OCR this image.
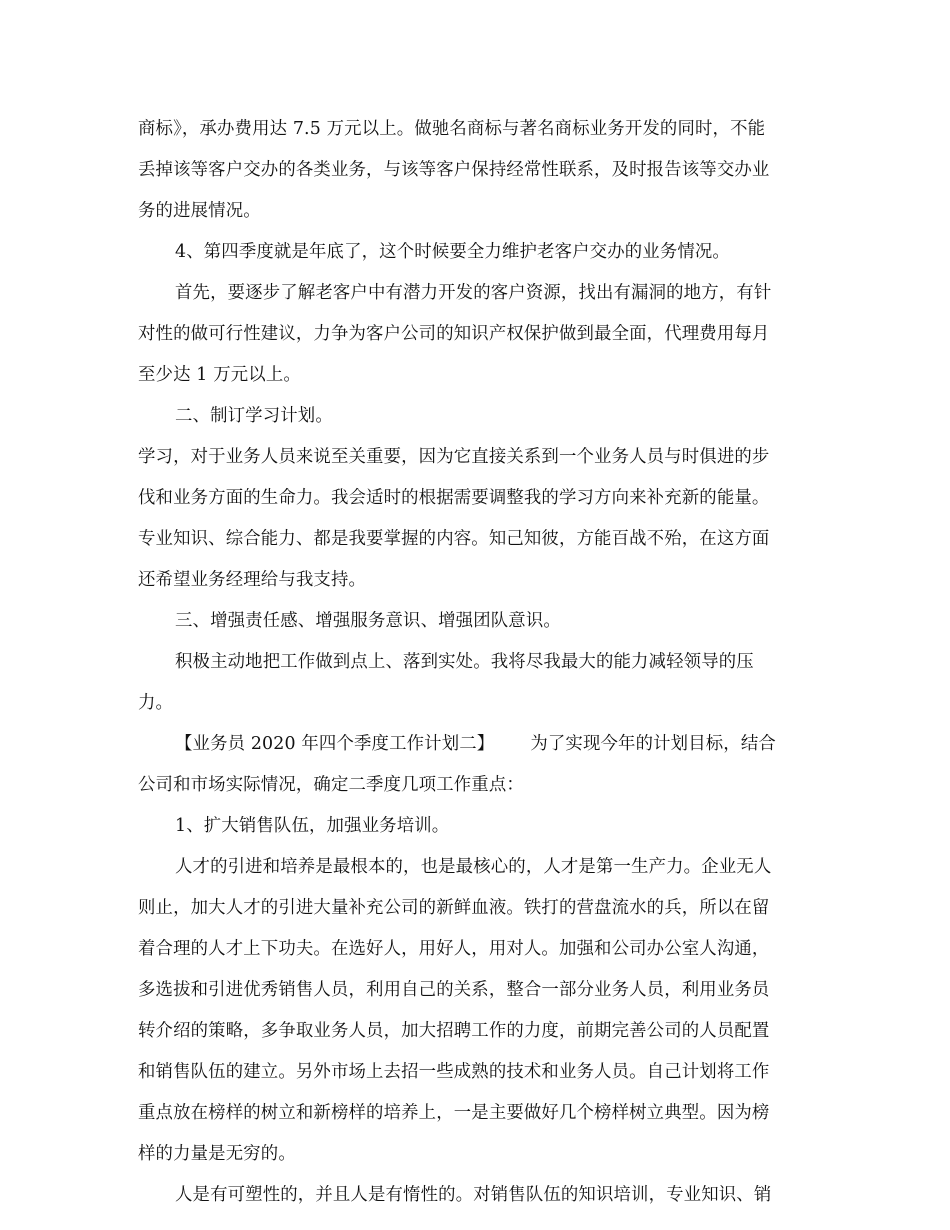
商标》，承办费用达 7.5 万元以上。做驰名商标与著名商标业务开发的同时，不能
丢掉该等客户交办的各类业务，与该等客户保持经常性联系，及时报告该等交办业
务的进展情况。
4、第四季度就是年底了，这个时候要全力维护老客户交办的业务情况。
首先，要逐步了解老客户中有潜力开发的客户资源，找出有漏洞的地方，有针
对性的做可行性建议，力争为客户公司的知识产权保护做到最全面，代理费用每月
至少达 1 万元以上。
二、制订学习计划。
学习，对于业务人员来说至关重要，因为它直接关系到一个业务人员与时俱进的步
伐和业务方面的生命力。我会适时的根据需要调整我的学习方向来补充新的能量。
专业知识、综合能力、都是我要掌握的内容。知己知彼，方能百战不殆，在这方面
还希望业务经理给与我支持。
三、增强责任感、增强服务意识、增强团队意识。
积极主动地把工作做到点上、落到实处。我将尽我最大的能力减轻领导的压
力。
【业务员 2020 年四个季度工作计划二】 为了实现今年的计划目标，结合
公司和市场实际情况，确定二季度几项工作重点：
1、扩大销售队伍，加强业务培训。
人才的引进和培养是最根本的，也是最核心的，人才是第一生产力。企业无人
则止，加大人才的引进大量补充公司的新鲜血液。铁打的营盘流水的兵，所以在留
着合理的人才上下功夫。在选好人，用好人，用对人。加强和公司办公室人沟通，
多选拔和引进优秀销售人员，利用自己的关系，整合一部分业务人员，利用业务员
转介绍的策略，多争取业务人员，加大招聘工作的力度，前期完善公司的人员配置
和销售队伍的建立。另外市场上去招一些成熟的技术和业务人员。自己计划将工作
重点放在榜样的树立和新榜样的培养上，一是主要做好几个榜样树立典型。因为榜
样的力量是无穷的。
人是有可塑性的，并且人是有惰性的。对销售队伍的知识培训，专业知识、销
